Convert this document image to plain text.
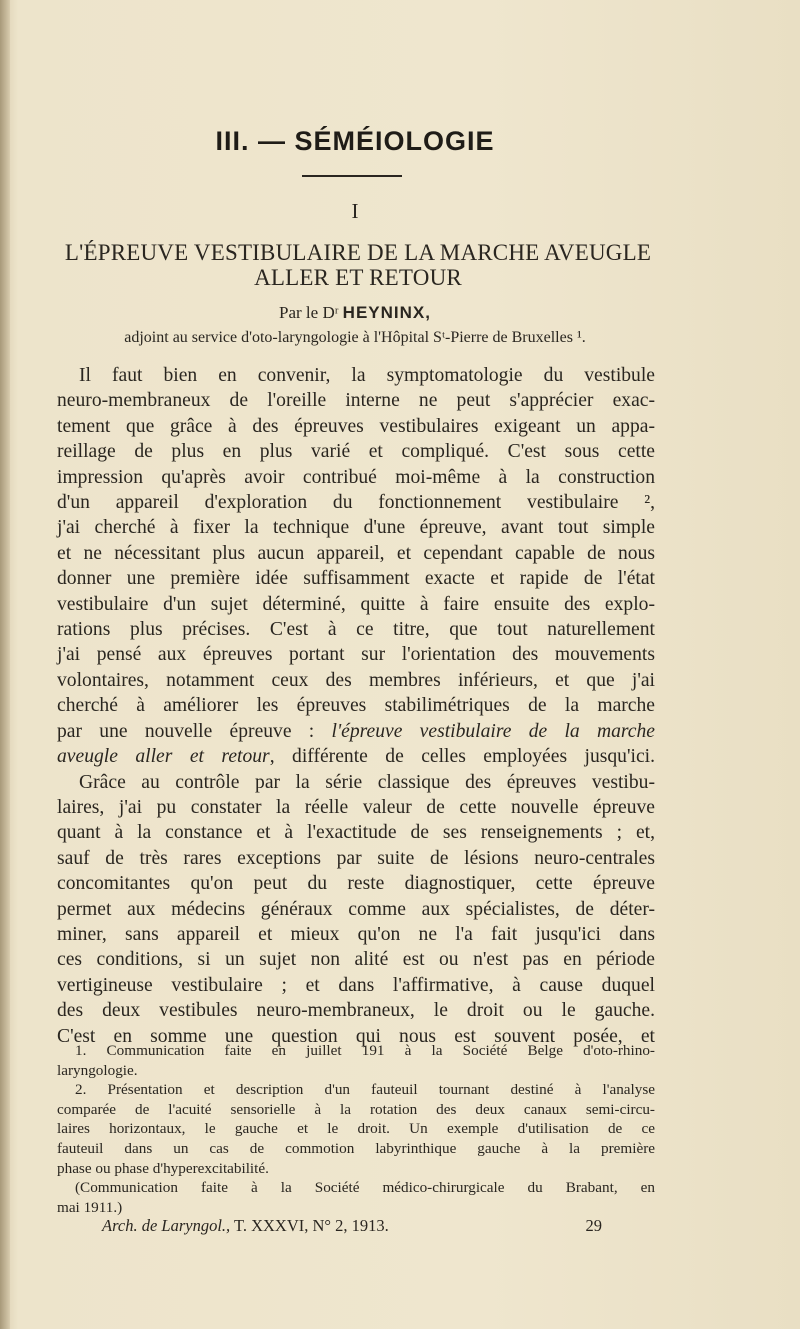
III. — SÉMÉIOLOGIE
I
L'ÉPREUVE VESTIBULAIRE DE LA MARCHE AVEUGLE
ALLER ET RETOUR
Par le Dʳ HEYNINX,
adjoint au service d'oto-laryngologie à l'Hôpital Sᵗ-Pierre de Bruxelles ¹.
Il faut bien en convenir, la symptomatologie du vestibule
neuro-membraneux de l'oreille interne ne peut s'apprécier exac-
tement que grâce à des épreuves vestibulaires exigeant un appa-
reillage de plus en plus varié et compliqué. C'est sous cette
impression qu'après avoir contribué moi-même à la construction
d'un appareil d'exploration du fonctionnement vestibulaire ²,
j'ai cherché à fixer la technique d'une épreuve, avant tout simple
et ne nécessitant plus aucun appareil, et cependant capable de nous
donner une première idée suffisamment exacte et rapide de l'état
vestibulaire d'un sujet déterminé, quitte à faire ensuite des explo-
rations plus précises. C'est à ce titre, que tout naturellement
j'ai pensé aux épreuves portant sur l'orientation des mouvements
volontaires, notamment ceux des membres inférieurs, et que j'ai
cherché à améliorer les épreuves stabilimétriques de la marche
par une nouvelle épreuve : l'épreuve vestibulaire de la marche
aveugle aller et retour, différente de celles employées jusqu'ici.
Grâce au contrôle par la série classique des épreuves vestibu-
laires, j'ai pu constater la réelle valeur de cette nouvelle épreuve
quant à la constance et à l'exactitude de ses renseignements ; et,
sauf de très rares exceptions par suite de lésions neuro-centrales
concomitantes qu'on peut du reste diagnostiquer, cette épreuve
permet aux médecins généraux comme aux spécialistes, de déter-
miner, sans appareil et mieux qu'on ne l'a fait jusqu'ici dans
ces conditions, si un sujet non alité est ou n'est pas en période
vertigineuse vestibulaire ; et dans l'affirmative, à cause duquel
des deux vestibules neuro-membraneux, le droit ou le gauche.
C'est en somme une question qui nous est souvent posée, et
1. Communication faite en juillet 191 à la Société Belge d'oto-rhino-
laryngologie.
2. Présentation et description d'un fauteuil tournant destiné à l'analyse
comparée de l'acuité sensorielle à la rotation des deux canaux semi-circu-
laires horizontaux, le gauche et le droit. Un exemple d'utilisation de ce
fauteuil dans un cas de commotion labyrinthique gauche à la première
phase ou phase d'hyperexcitabilité.
(Communication faite à la Société médico-chirurgicale du Brabant, en
mai 1911.)
Arch. de Laryngol., T. XXXVI, N° 2, 1913.	29
